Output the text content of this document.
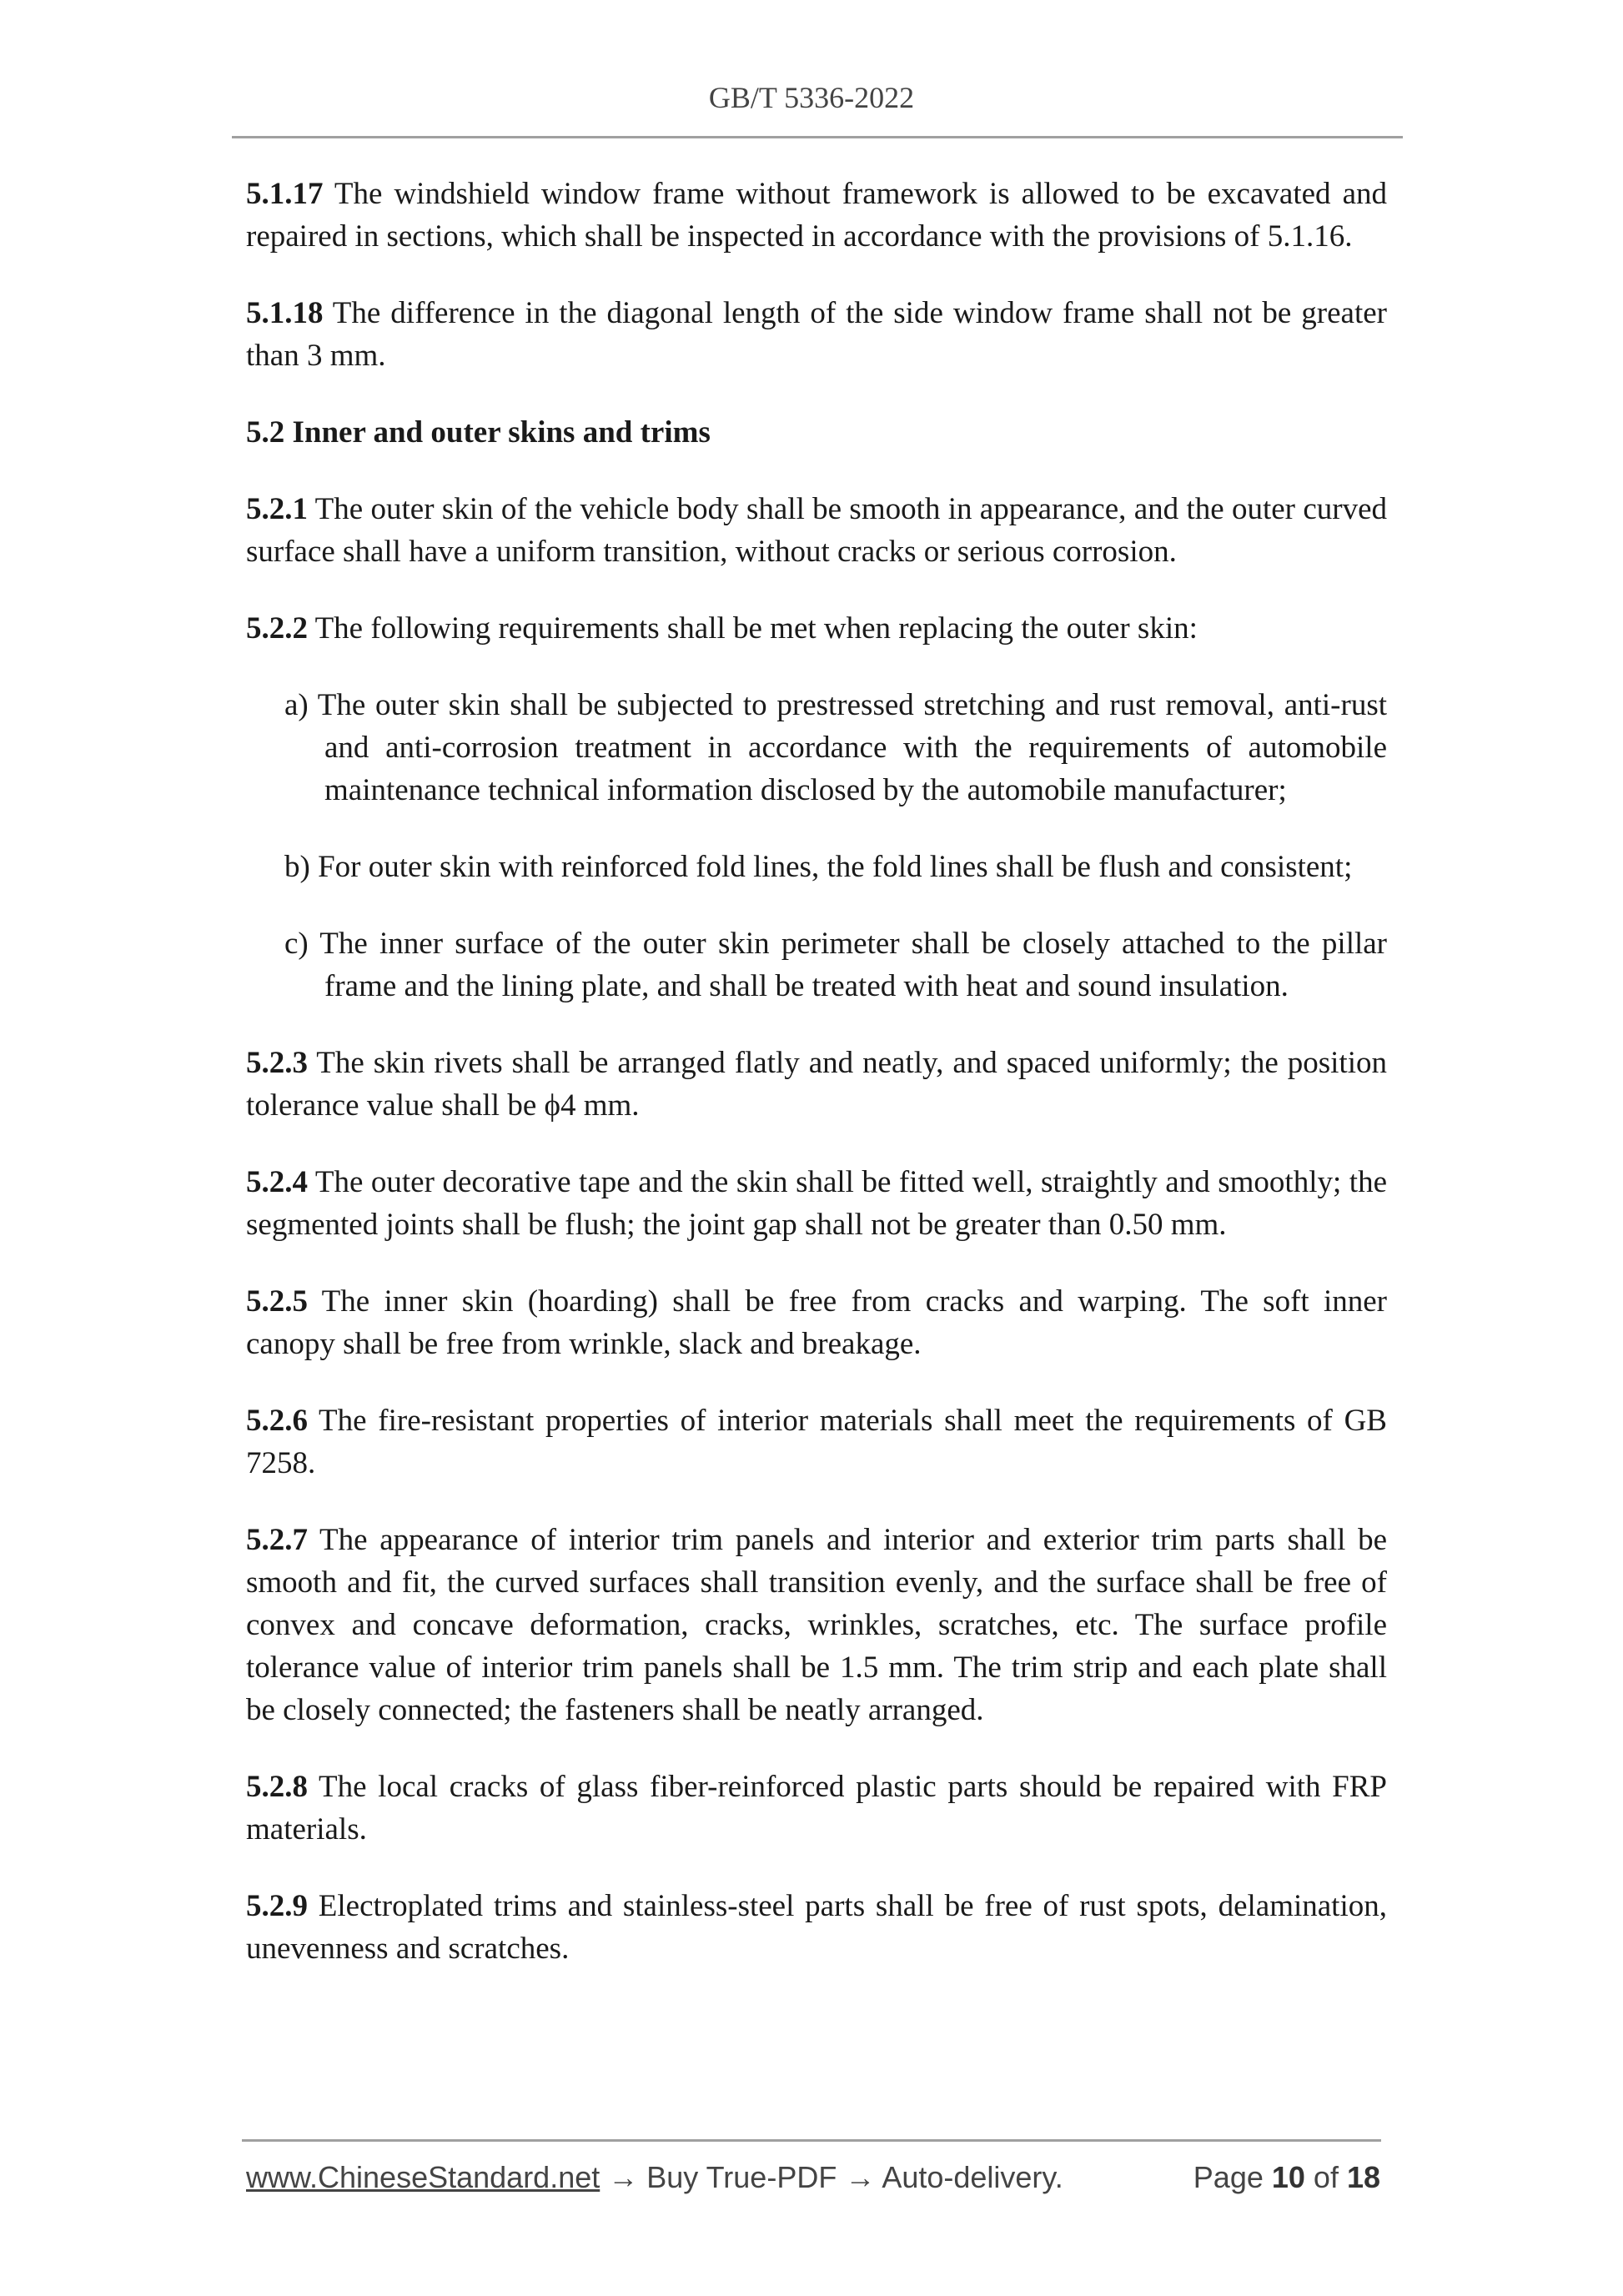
GB/T 5336-2022

5.1.17 The windshield window frame without framework is allowed to be excavated and repaired in sections, which shall be inspected in accordance with the provisions of 5.1.16.

5.1.18 The difference in the diagonal length of the side window frame shall not be greater than 3 mm.

5.2 Inner and outer skins and trims

5.2.1 The outer skin of the vehicle body shall be smooth in appearance, and the outer curved surface shall have a uniform transition, without cracks or serious corrosion.

5.2.2 The following requirements shall be met when replacing the outer skin:

a) The outer skin shall be subjected to prestressed stretching and rust removal, anti-rust and anti-corrosion treatment in accordance with the requirements of automobile maintenance technical information disclosed by the automobile manufacturer;

b) For outer skin with reinforced fold lines, the fold lines shall be flush and consistent;

c) The inner surface of the outer skin perimeter shall be closely attached to the pillar frame and the lining plate, and shall be treated with heat and sound insulation.

5.2.3 The skin rivets shall be arranged flatly and neatly, and spaced uniformly; the position tolerance value shall be ϕ4 mm.

5.2.4 The outer decorative tape and the skin shall be fitted well, straightly and smoothly; the segmented joints shall be flush; the joint gap shall not be greater than 0.50 mm.

5.2.5 The inner skin (hoarding) shall be free from cracks and warping. The soft inner canopy shall be free from wrinkle, slack and breakage.

5.2.6 The fire-resistant properties of interior materials shall meet the requirements of GB 7258.

5.2.7 The appearance of interior trim panels and interior and exterior trim parts shall be smooth and fit, the curved surfaces shall transition evenly, and the surface shall be free of convex and concave deformation, cracks, wrinkles, scratches, etc. The surface profile tolerance value of interior trim panels shall be 1.5 mm. The trim strip and each plate shall be closely connected; the fasteners shall be neatly arranged.

5.2.8 The local cracks of glass fiber-reinforced plastic parts should be repaired with FRP materials.

5.2.9 Electroplated trims and stainless-steel parts shall be free of rust spots, delamination, unevenness and scratches.

www.ChineseStandard.net → Buy True-PDF → Auto-delivery.	Page 10 of 18
